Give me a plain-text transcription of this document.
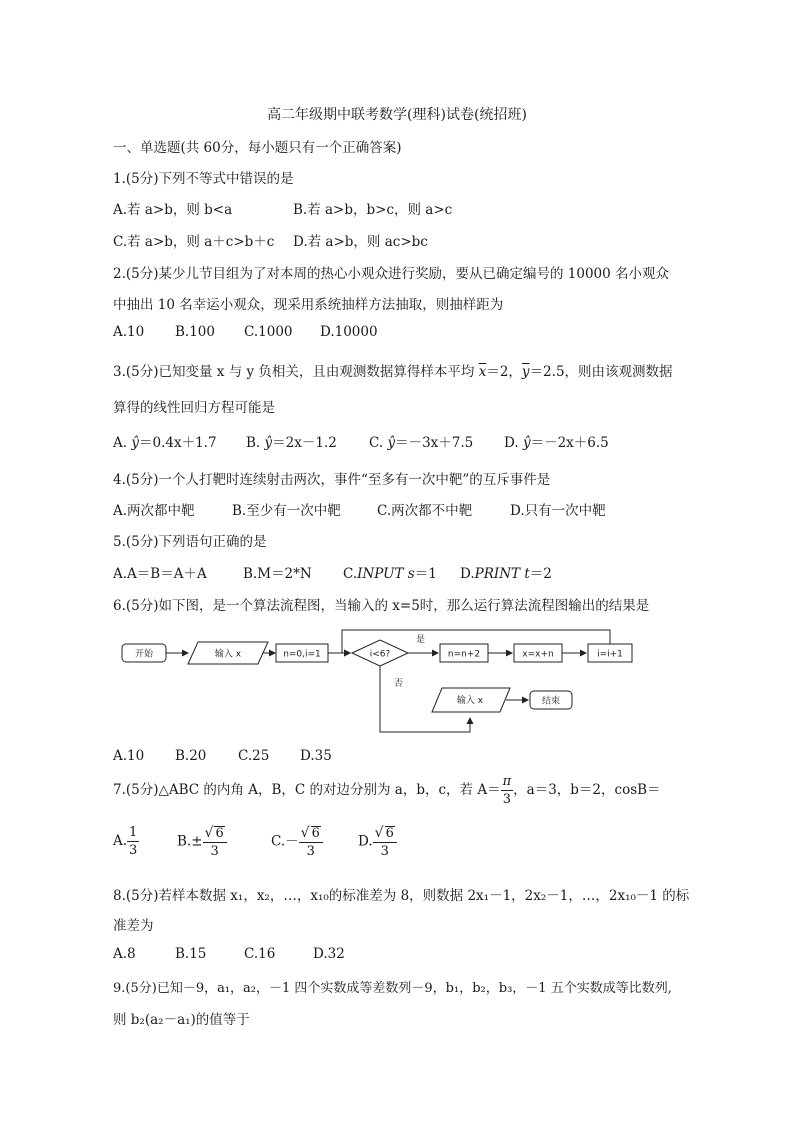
高二年级期中联考数学(理科)试卷(统招班)
一、单选题(共 60分，每小题只有一个正确答案)
1.(5分)下列不等式中错误的是
A.若 a>b，则 b<a	B.若 a>b，b>c，则 a>c
C.若 a>b，则 a＋c>b＋c D.若 a>b，则 ac>bc
2.(5分)某少儿节目组为了对本周的热心小观众进行奖励，要从已确定编号的 10000 名小观众
中抽出 10 名幸运小观众，现采用系统抽样方法抽取，则抽样距为
A.10 B.100 C.1000 D.10000
3.(5分)已知变量 x 与 y 负相关，且由观测数据算得样本平均 $\overline{x}=2$，$\overline{y}=2.5$，则由该观测数据
算得的线性回归方程可能是
A. ŷ＝0.4x＋1.7 B. ŷ＝2x－1.2 C. ŷ＝－3x＋7.5 D. ŷ＝－2x＋6.5
4.(5分)一个人打靶时连续射击两次，事件“至多有一次中靶”的互斥事件是
A.两次都中靶	B.至少有一次中靶	C.两次都不中靶	D.只有一次中靶
5.(5分)下列语句正确的是
A.A＝B＝A＋A	B.M＝2*N C.INPUT s＝1 D.PRINT t＝2
6.(5分)如下图，是一个算法流程图，当输入的 x=5时，那么运行算法流程图输出的结果是
开始	输入 x	n=0,i=1	i<6?
是
n=n+2	x=x+n	i=i+1
否
输入 x	结束
A.10 B.20 C.25 D.35
7.(5分)△ABC 的内角 A，B，C 的对边分别为 a，b，c，若 $A= \frac{\pi}{3}$ ，a＝3，b＝2，cosB＝
A. $\frac{1}{3}$	$B.\pm \frac{√ 6}{3}$	$C.- \frac{√ 6}{3}$	D. $\frac{√ 6}{3}$
8.(5分)若样本数据 x₁，x₂，…，x₁₀的标准差为 8，则数据 2x₁－1，2x₂－1，…，2x₁₀－1 的标
准差为
A.8	B.15	C.16	D.32
9.(5分)已知－9，a₁，a₂，－1 四个实数成等差数列－9，b₁，b₂，b₃，－1 五个实数成等比数列,
则 b₂(a₂－a₁)的值等于
